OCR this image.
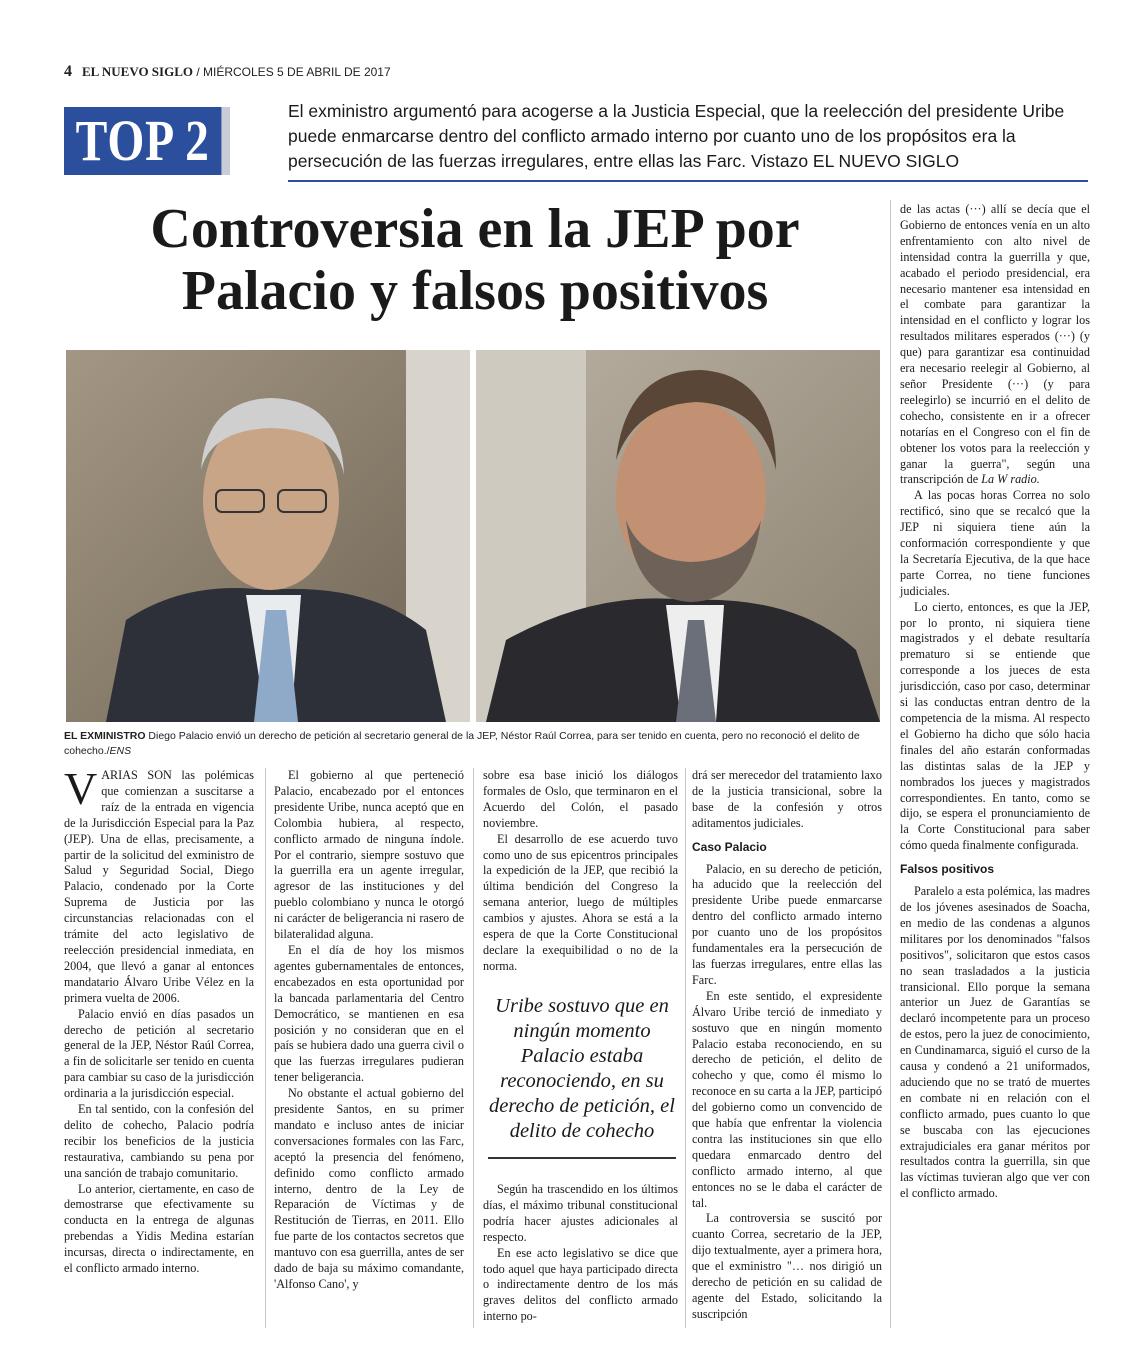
4 EL NUEVO SIGLO / MIÉRCOLES 5 DE ABRIL DE 2017
TOP 2	El exministro argumentó para acogerse a la Justicia Especial, que la reelección del presidente Uribe puede enmarcarse dentro del conflicto armado interno por cuanto uno de los propósitos era la persecución de las fuerzas irregulares, entre ellas las Farc. Vistazo EL NUEVO SIGLO
Controversia en la JEP por Palacio y falsos positivos
EL EXMINISTRO Diego Palacio envió un derecho de petición al secretario general de la JEP, Néstor Raúl Correa, para ser tenido en cuenta, pero no reconoció el delito de cohecho./ENS

VARIAS SON las polémicas que comienzan a suscitarse a raíz de la entrada en vigencia de la Jurisdicción Especial para la Paz (JEP). Una de ellas, precisamente, a partir de la solicitud del exministro de Salud y Seguridad Social, Diego Palacio, condenado por la Corte Suprema de Justicia por las circunstancias relacionadas con el trámite del acto legislativo de reelección presidencial inmediata, en 2004, que llevó a ganar al entonces mandatario Álvaro Uribe Vélez en la primera vuelta de 2006.

Palacio envió en días pasados un derecho de petición al secretario general de la JEP, Néstor Raúl Correa, a fin de solicitarle ser tenido en cuenta para cambiar su caso de la jurisdicción ordinaria a la jurisdicción especial.

En tal sentido, con la confesión del delito de cohecho, Palacio podría recibir los beneficios de la justicia restaurativa, cambiando su pena por una sanción de trabajo comunitario.

Lo anterior, ciertamente, en caso de demostrarse que efectivamente su conducta en la entrega de algunas prebendas a Yidis Medina estarían incursas, directa o indirectamente, en el conflicto armado interno.

El gobierno al que perteneció Palacio, encabezado por el entonces presidente Uribe, nunca aceptó que en Colombia hubiera, al respecto, conflicto armado de ninguna índole. Por el contrario, siempre sostuvo que la guerrilla era un agente irregular, agresor de las instituciones y del pueblo colombiano y nunca le otorgó ni carácter de beligerancia ni rasero de bilateralidad alguna.

En el día de hoy los mismos agentes gubernamentales de entonces, encabezados en esta oportunidad por la bancada parlamentaria del Centro Democrático, se mantienen en esa posición y no consideran que en el país se hubiera dado una guerra civil o que las fuerzas irregulares pudieran tener beligerancia.

No obstante el actual gobierno del presidente Santos, en su primer mandato e incluso antes de iniciar conversaciones formales con las Farc, aceptó la presencia del fenómeno, definido como conflicto armado interno, dentro de la Ley de Reparación de Víctimas y de Restitución de Tierras, en 2011. Ello fue parte de los contactos secretos que mantuvo con esa guerrilla, antes de ser dado de baja su máximo comandante, 'Alfonso Cano', y

sobre esa base inició los diálogos formales de Oslo, que terminaron en el Acuerdo del Colón, el pasado noviembre.

El desarrollo de ese acuerdo tuvo como uno de sus epicentros principales la expedición de la JEP, que recibió la última bendición del Congreso la semana anterior, luego de múltiples cambios y ajustes. Ahora se está a la espera de que la Corte Constitucional declare la exequibilidad o no de la norma.

Uribe sostuvo que en ningún momento Palacio estaba reconociendo, en su derecho de petición, el delito de cohecho

Según ha trascendido en los últimos días, el máximo tribunal constitucional podría hacer ajustes adicionales al respecto.

En ese acto legislativo se dice que todo aquel que haya participado directa o indirectamente dentro de los más graves delitos del conflicto armado interno po-

drá ser merecedor del tratamiento laxo de la justicia transicional, sobre la base de la confesión y otros aditamentos judiciales.

Caso Palacio

Palacio, en su derecho de petición, ha aducido que la reelección del presidente Uribe puede enmarcarse dentro del conflicto armado interno por cuanto uno de los propósitos fundamentales era la persecución de las fuerzas irregulares, entre ellas las Farc.

En este sentido, el expresidente Álvaro Uribe terció de inmediato y sostuvo que en ningún momento Palacio estaba reconociendo, en su derecho de petición, el delito de cohecho y que, como él mismo lo reconoce en su carta a la JEP, participó del gobierno como un convencido de que había que enfrentar la violencia contra las instituciones sin que ello quedara enmarcado dentro del conflicto armado interno, al que entonces no se le daba el carácter de tal.

La controversia se suscitó por cuanto Correa, secretario de la JEP, dijo textualmente, ayer a primera hora, que el exministro "… nos dirigió un derecho de petición en su calidad de agente del Estado, solicitando la suscripción

de las actas (···) allí se decía que el Gobierno de entonces venía en un alto enfrentamiento con alto nivel de intensidad contra la guerrilla y que, acabado el periodo presidencial, era necesario mantener esa intensidad en el combate para garantizar la intensidad en el conflicto y lograr los resultados militares esperados (···) (y que) para garantizar esa continuidad era necesario reelegir al Gobierno, al señor Presidente (···) (y para reelegirlo) se incurrió en el delito de cohecho, consistente en ir a ofrecer notarías en el Congreso con el fin de obtener los votos para la reelección y ganar la guerra", según una transcripción de La W radio.

A las pocas horas Correa no solo rectificó, sino que se recalcó que la JEP ni siquiera tiene aún la conformación correspondiente y que la Secretaría Ejecutiva, de la que hace parte Correa, no tiene funciones judiciales.

Lo cierto, entonces, es que la JEP, por lo pronto, ni siquiera tiene magistrados y el debate resultaría prematuro si se entiende que corresponde a los jueces de esta jurisdicción, caso por caso, determinar si las conductas entran dentro de la competencia de la misma. Al respecto el Gobierno ha dicho que sólo hacia finales del año estarán conformadas las distintas salas de la JEP y nombrados los jueces y magistrados correspondientes. En tanto, como se dijo, se espera el pronunciamiento de la Corte Constitucional para saber cómo queda finalmente configurada.

Falsos positivos

Paralelo a esta polémica, las madres de los jóvenes asesinados de Soacha, en medio de las condenas a algunos militares por los denominados "falsos positivos", solicitaron que estos casos no sean trasladados a la justicia transicional. Ello porque la semana anterior un Juez de Garantías se declaró incompetente para un proceso de estos, pero la juez de conocimiento, en Cundinamarca, siguió el curso de la causa y condenó a 21 uniformados, aduciendo que no se trató de muertes en combate ni en relación con el conflicto armado, pues cuanto lo que se buscaba con las ejecuciones extrajudiciales era ganar méritos por resultados contra la guerrilla, sin que las víctimas tuvieran algo que ver con el conflicto armado.
